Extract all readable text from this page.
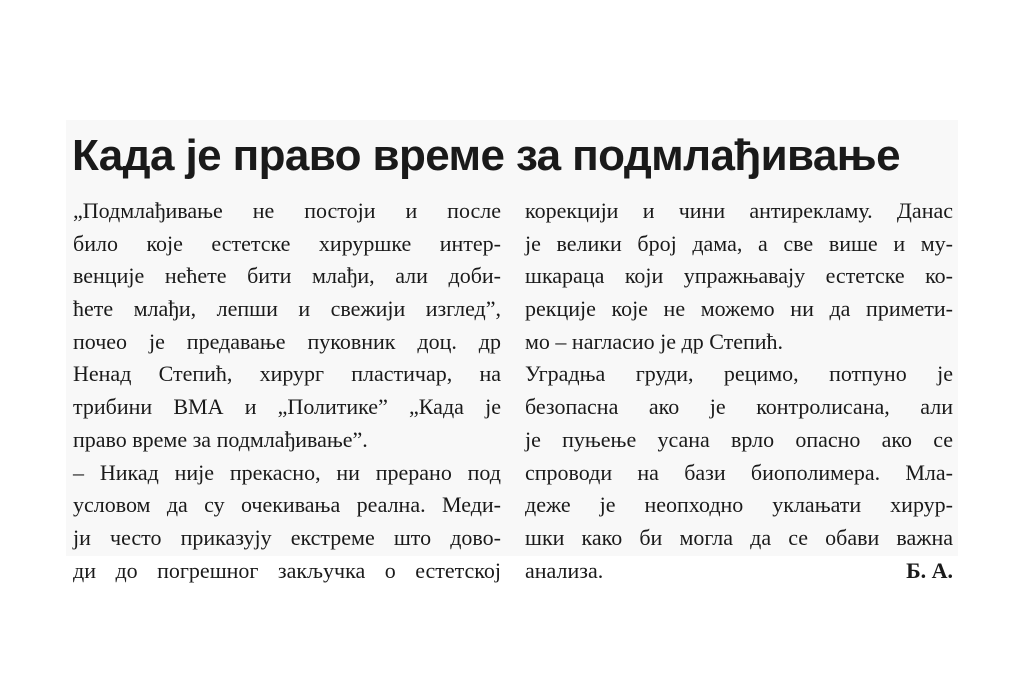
Када је право време за подмлађивање
„Подмлађивање не постоји и после
било које естетске хируршке интер-
венције нећете бити млађи, али доби-
ћете млађи, лепши и свежији изглед”,
почео је предавање пуковник доц. др
Ненад Степић, хирург пластичар, на
трибини ВМА и „Политике” „Када је
право време за подмлађивање”.
– Никад није прекасно, ни прерано под
условом да су очекивања реална. Меди-
ји често приказују екстреме што дово-
ди до погрешног закључка о естетској
корекцији и чини антирекламу. Данас
је велики број дама, а све више и му-
шкараца који упражњавају естетске ко-
рекције које не можемо ни да примети-
мо – нагласио је др Степић.
Уградња груди, рецимо, потпуно је
безопасна ако је контролисана, али
је пуњење усана врло опасно ако се
спроводи на бази биополимера. Мла-
деже је неопходно уклањати хирур-
шки како би могла да се обави важна
анализа.	Б. А.
